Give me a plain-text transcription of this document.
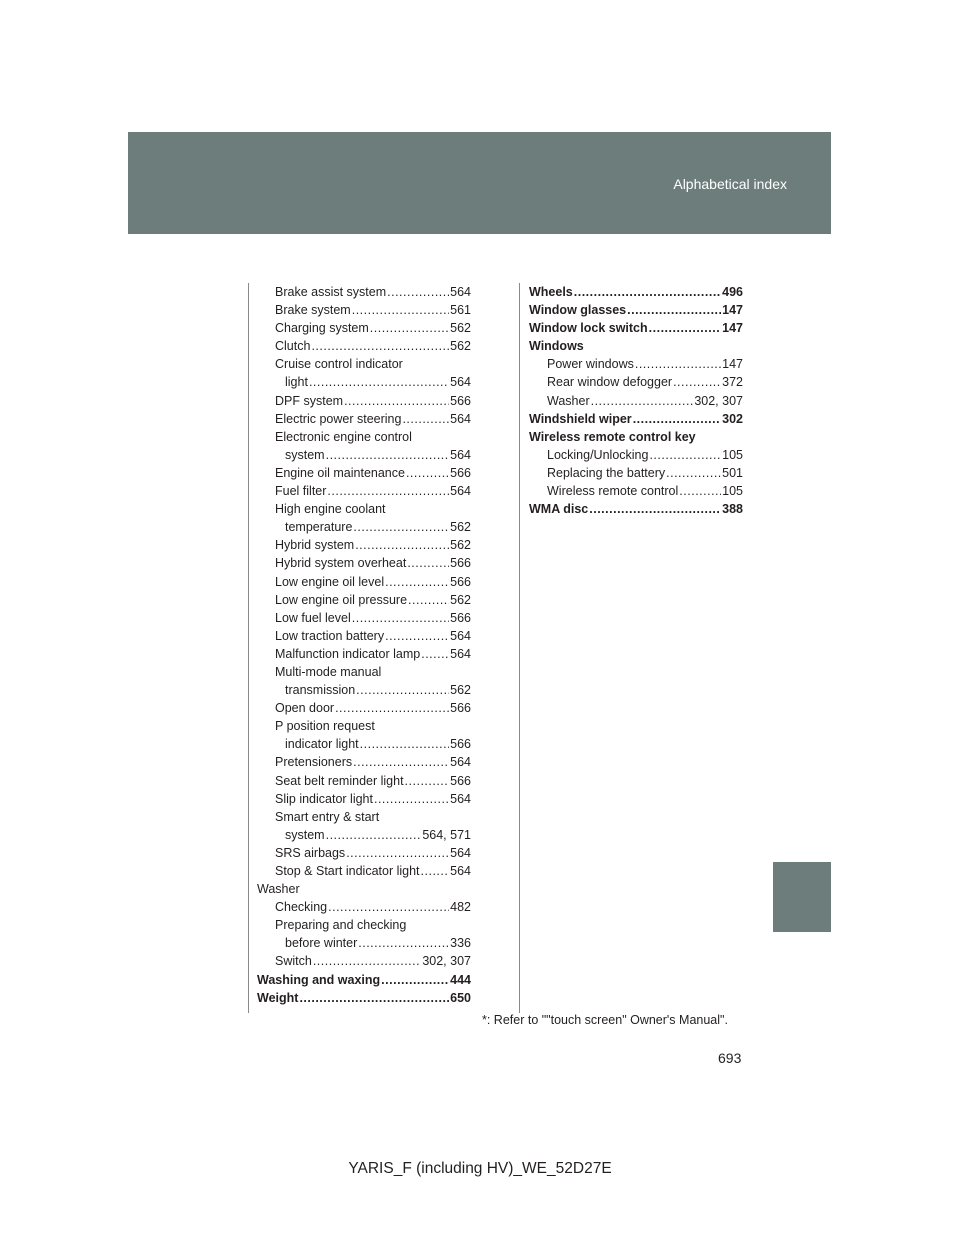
Alphabetical index
Brake assist system .....	564
Brake system .....	561
Charging system .....	562
Clutch .....	562
Cruise control indicator
light .....	564
DPF system .....	566
Electric power steering .....	564
Electronic engine control
system .....	564
Engine oil maintenance .....	566
Fuel filter .....	564
High engine coolant
temperature .....	562
Hybrid system .....	562
Hybrid system overheat .....	566
Low engine oil level .....	566
Low engine oil pressure .....	562
Low fuel level .....	566
Low traction battery .....	564
Malfunction indicator lamp ..... 564
Multi-mode manual
transmission .....	562
Open door .....	566
P position request
indicator light .....	566
Pretensioners .....	564
Seat belt reminder light .....	566
Slip indicator light .....	564
Smart entry & start
system .....	564, 571
SRS airbags .....	564
Stop & Start indicator light ..... 564
Washer
Checking .....	482
Preparing and checking
before winter .....	336
Switch .....	302, 307
Washing and waxing .....	444
Weight .....	650
Wheels .....	496
Window glasses .....	147
Window lock switch .....	147
Windows
Power windows .....	147
Rear window defogger .....	372
Washer .....	302, 307
Windshield wiper .....	302
Wireless remote control key
Locking/Unlocking .....	105
Replacing the battery .....	501
Wireless remote control .....	105
WMA disc .....	388
*: Refer to ""touch screen" Owner's Manual".
693
YARIS_F (including HV)_WE_52D27E
